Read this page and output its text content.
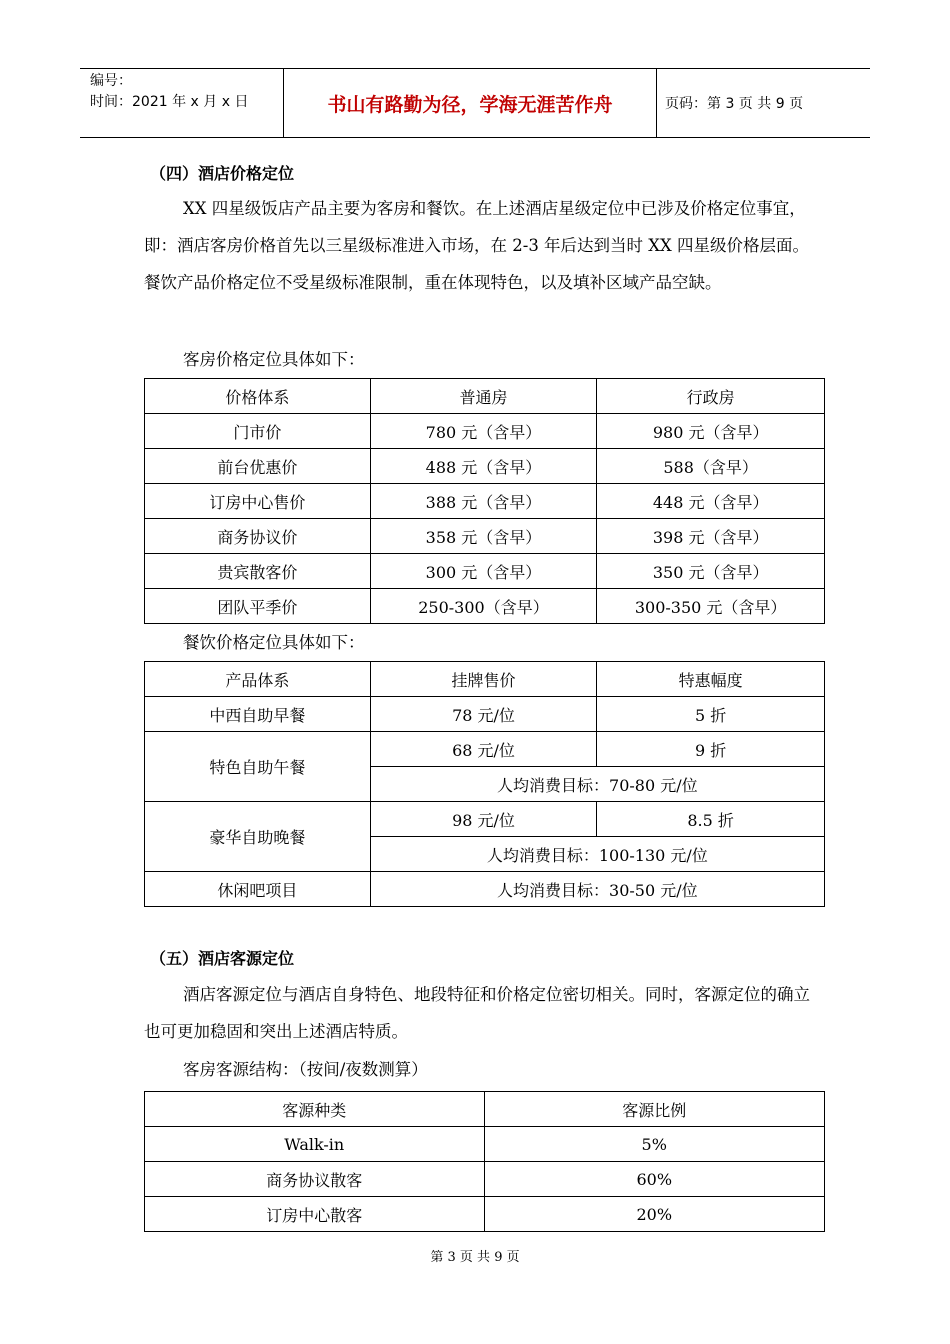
编号：
时间：2021 年 x 月 x 日	书山有路勤为径，学海无涯苦作舟	页码：第 3 页 共 9 页
（四）酒店价格定位

XX 四星级饭店产品主要为客房和餐饮。在上述酒店星级定位中已涉及价格定位事宜，即：酒店客房价格首先以三星级标准进入市场，在 2-3 年后达到当时 XX 四星级价格层面。餐饮产品价格定位不受星级标准限制，重在体现特色，以及填补区域产品空缺。

客房价格定位具体如下：
价格体系	普通房	行政房
门市价	780 元（含早）	980 元（含早）
前台优惠价	488 元（含早）	588（含早）
订房中心售价	388 元（含早）	448 元（含早）
商务协议价	358 元（含早）	398 元（含早）
贵宾散客价	300 元（含早）	350 元（含早）
团队平季价	250-300（含早）	300-350 元（含早）
餐饮价格定位具体如下：
产品体系	挂牌售价	特惠幅度
中西自助早餐	78 元/位	5 折
特色自助午餐	68 元/位	9 折
	人均消费目标：70-80 元/位	
豪华自助晚餐	98 元/位	8.5 折
	人均消费目标：100-130 元/位	
休闲吧项目	人均消费目标：30-50 元/位	
（五）酒店客源定位

酒店客源定位与酒店自身特色、地段特征和价格定位密切相关。同时，客源定位的确立也可更加稳固和突出上述酒店特质。

客房客源结构：（按间/夜数测算）
客源种类	客源比例
Walk-in	5%
商务协议散客	60%
订房中心散客	20%
第 3 页 共 9 页
